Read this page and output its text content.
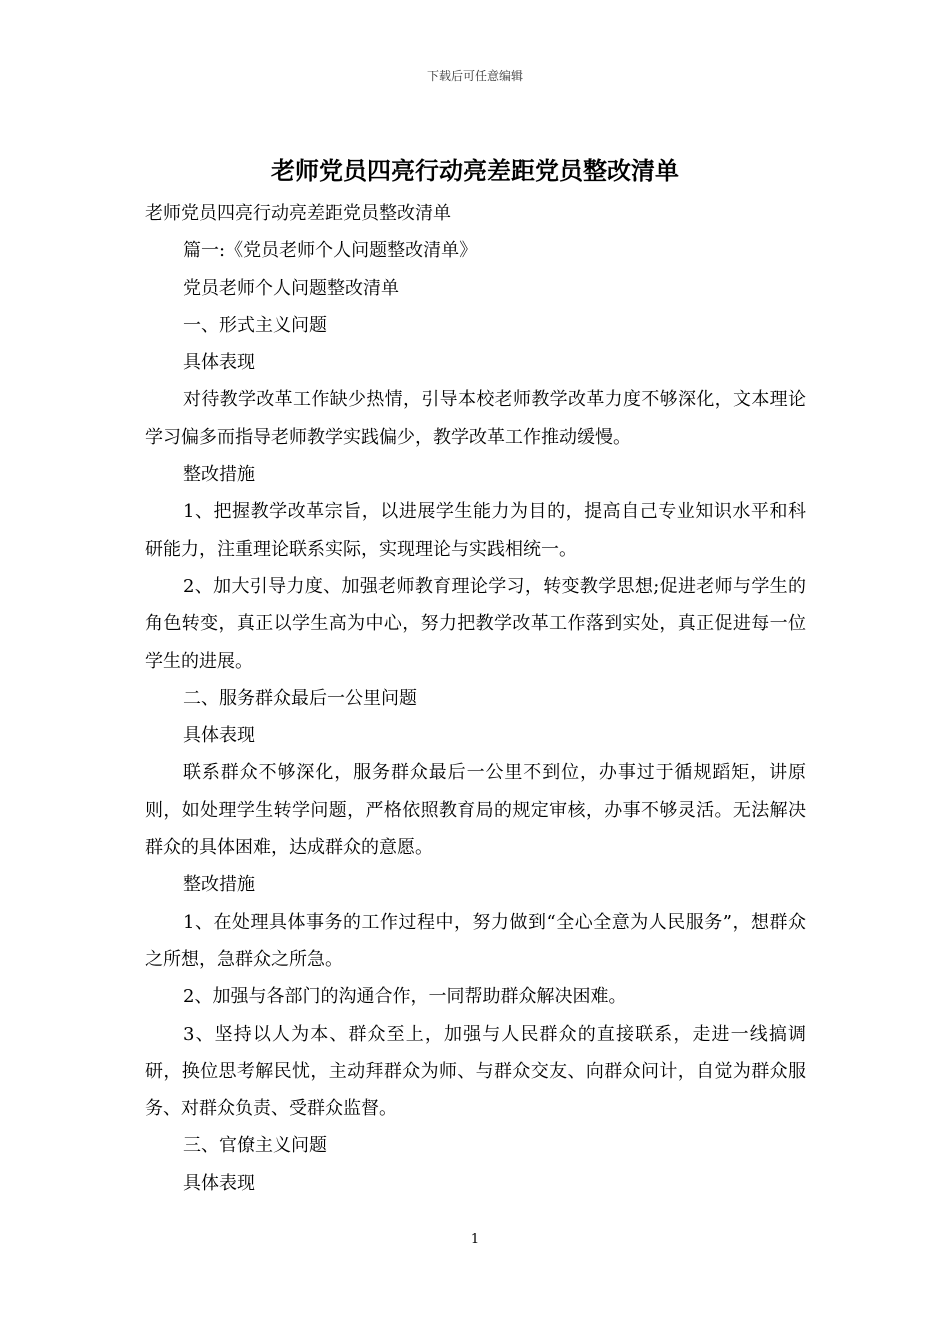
下载后可任意编辑
老师党员四亮行动亮差距党员整改清单

老师党员四亮行动亮差距党员整改清单

篇一:《党员老师个人问题整改清单》

党员老师个人问题整改清单

一、形式主义问题

具体表现

对待教学改革工作缺少热情，引导本校老师教学改革力度不够深化，文本理论学习偏多而指导老师教学实践偏少，教学改革工作推动缓慢。

整改措施

1、把握教学改革宗旨，以进展学生能力为目的，提高自己专业知识水平和科研能力，注重理论联系实际，实现理论与实践相统一。

2、加大引导力度、加强老师教育理论学习，转变教学思想;促进老师与学生的角色转变，真正以学生高为中心，努力把教学改革工作落到实处，真正促进每一位学生的进展。

二、服务群众最后一公里问题

具体表现

联系群众不够深化，服务群众最后一公里不到位，办事过于循规蹈矩，讲原则，如处理学生转学问题，严格依照教育局的规定审核，办事不够灵活。无法解决群众的具体困难，达成群众的意愿。

整改措施

1、在处理具体事务的工作过程中，努力做到“全心全意为人民服务”，想群众之所想，急群众之所急。

2、加强与各部门的沟通合作，一同帮助群众解决困难。

3、坚持以人为本、群众至上，加强与人民群众的直接联系，走进一线搞调研，换位思考解民忧，主动拜群众为师、与群众交友、向群众问计，自觉为群众服务、对群众负责、受群众监督。

三、官僚主义问题

具体表现

1
